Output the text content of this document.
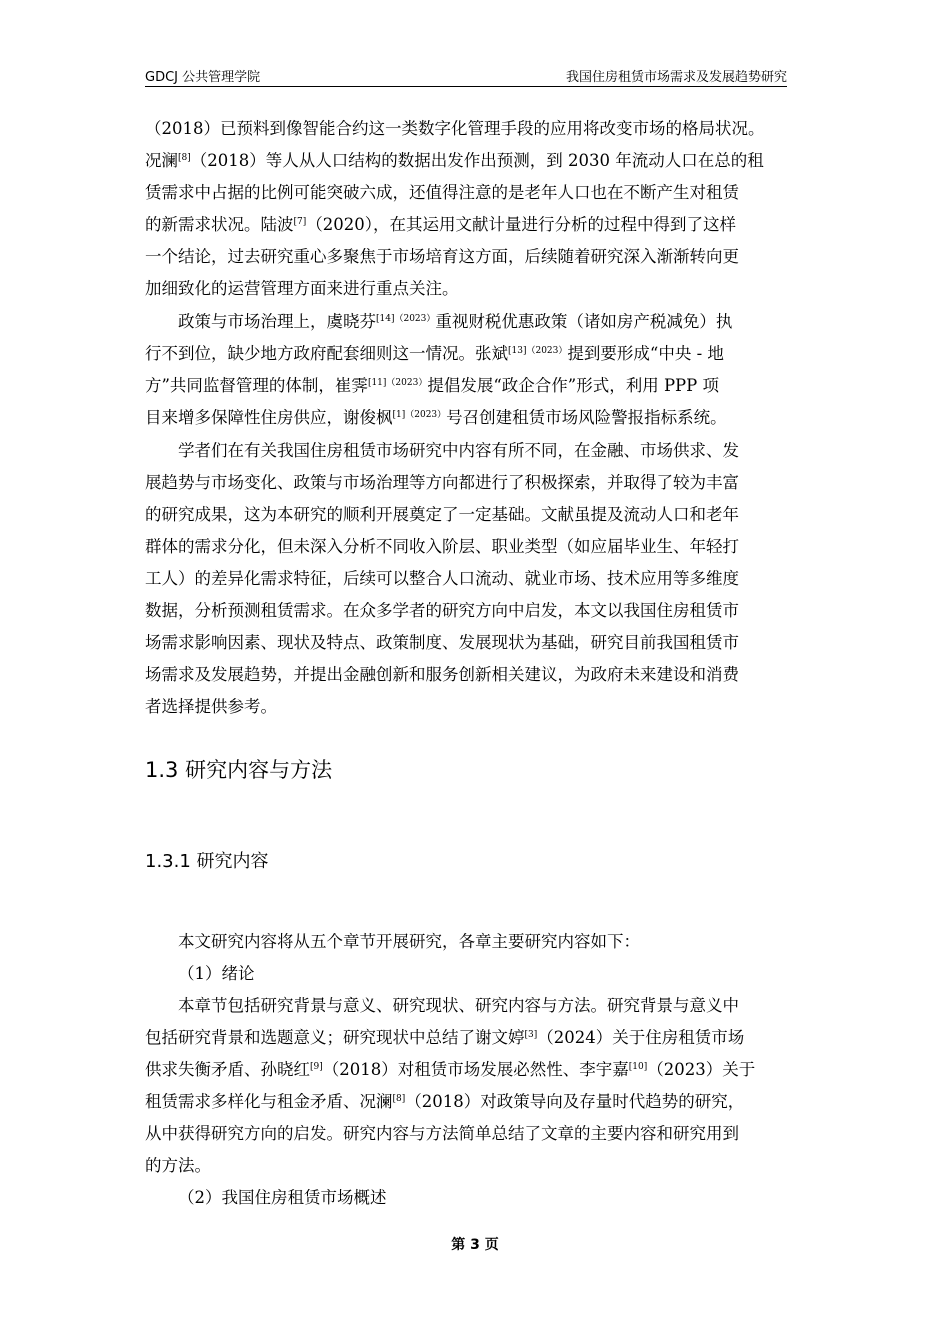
GDCJ 公共管理学院	我国住房租赁市场需求及发展趋势研究
（2018）已预料到像智能合约这一类数字化管理手段的应用将改变市场的格局状况。
况澜[8]（2018）等人从人口结构的数据出发作出预测，到 2030 年流动人口在总的租
赁需求中占据的比例可能突破六成，还值得注意的是老年人口也在不断产生对租赁
的新需求状况。陆波[7]（2020），在其运用文献计量进行分析的过程中得到了这样
一个结论，过去研究重心多聚焦于市场培育这方面，后续随着研究深入渐渐转向更
加细致化的运营管理方面来进行重点关注。
政策与市场治理上，虞晓芬$^{[14](2023)}$重视财税优惠政策（诸如房产税减免）执
行不到位，缺少地方政府配套细则这一情况。张斌$^{[13](2023)}$提到要形成“中央 - 地
方”共同监督管理的体制，崔霁$^{[11](2023)}$提倡发展“政企合作”形式，利用 PPP 项
目来增多保障性住房供应，谢俊枫$^{[1](2023)}$号召创建租赁市场风险警报指标系统。
学者们在有关我国住房租赁市场研究中内容有所不同，在金融、市场供求、发
展趋势与市场变化、政策与市场治理等方向都进行了积极探索，并取得了较为丰富
的研究成果，这为本研究的顺利开展奠定了一定基础。文献虽提及流动人口和老年
群体的需求分化，但未深入分析不同收入阶层、职业类型（如应届毕业生、年轻打
工人）的差异化需求特征，后续可以整合人口流动、就业市场、技术应用等多维度
数据，分析预测租赁需求。在众多学者的研究方向中启发，本文以我国住房租赁市
场需求影响因素、现状及特点、政策制度、发展现状为基础，研究目前我国租赁市
场需求及发展趋势，并提出金融创新和服务创新相关建议，为政府未来建设和消费
者选择提供参考。
1.3 研究内容与方法
1.3.1 研究内容
本文研究内容将从五个章节开展研究，各章主要研究内容如下：
（1）绪论
本章节包括研究背景与意义、研究现状、研究内容与方法。研究背景与意义中
包括研究背景和选题意义；研究现状中总结了谢文婷[3]（2024）关于住房租赁市场
供求失衡矛盾、孙晓红[9]（2018）对租赁市场发展必然性、李宇嘉[10]（2023）关于
租赁需求多样化与租金矛盾、况澜[8]（2018）对政策导向及存量时代趋势的研究，
从中获得研究方向的启发。研究内容与方法简单总结了文章的主要内容和研究用到
的方法。
（2）我国住房租赁市场概述
第 3 页
